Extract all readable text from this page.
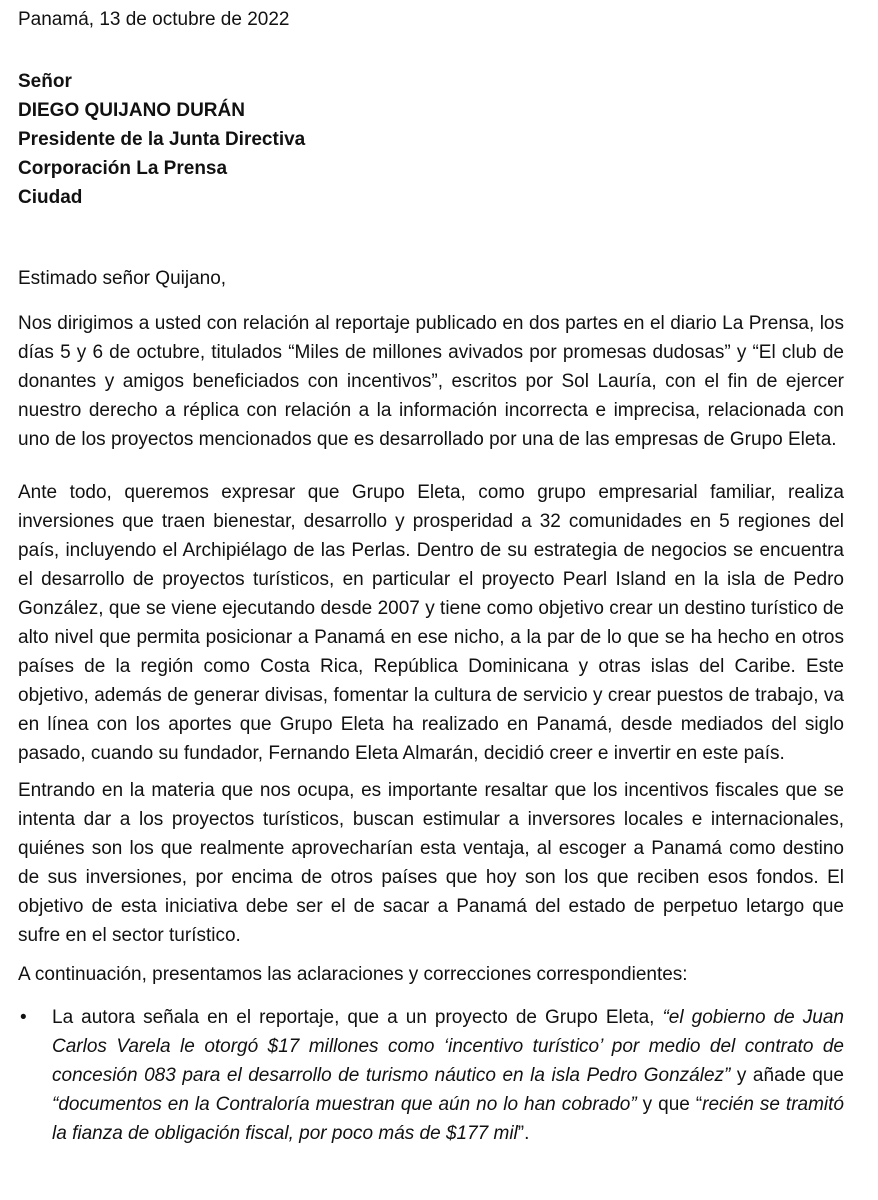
Panamá, 13 de octubre de 2022
Señor
DIEGO QUIJANO DURÁN
Presidente de la Junta Directiva
Corporación La Prensa
Ciudad
Estimado señor Quijano,

Nos dirigimos a usted con relación al reportaje publicado en dos partes en el diario La Prensa, los días 5 y 6 de octubre, titulados “Miles de millones avivados por promesas dudosas” y “El club de donantes y amigos beneficiados con incentivos”, escritos por Sol Lauría, con el fin de ejercer nuestro derecho a réplica con relación a la información incorrecta e imprecisa, relacionada con uno de los proyectos mencionados que es desarrollado por una de las empresas de Grupo Eleta.

Ante todo, queremos expresar que Grupo Eleta, como grupo empresarial familiar, realiza inversiones que traen bienestar, desarrollo y prosperidad a 32 comunidades en 5 regiones del país, incluyendo el Archipiélago de las Perlas. Dentro de su estrategia de negocios se encuentra el desarrollo de proyectos turísticos, en particular el proyecto Pearl Island en la isla de Pedro González, que se viene ejecutando desde 2007 y tiene como objetivo crear un destino turístico de alto nivel que permita posicionar a Panamá en ese nicho, a la par de lo que se ha hecho en otros países de la región como Costa Rica, República Dominicana y otras islas del Caribe. Este objetivo, además de generar divisas, fomentar la cultura de servicio y crear puestos de trabajo, va en línea con los aportes que Grupo Eleta ha realizado en Panamá, desde mediados del siglo pasado, cuando su fundador, Fernando Eleta Almarán, decidió creer e invertir en este país.

Entrando en la materia que nos ocupa, es importante resaltar que los incentivos fiscales que se intenta dar a los proyectos turísticos, buscan estimular a inversores locales e internacionales, quiénes son los que realmente aprovecharían esta ventaja, al escoger a Panamá como destino de sus inversiones, por encima de otros países que hoy son los que reciben esos fondos. El objetivo de esta iniciativa debe ser el de sacar a Panamá del estado de perpetuo letargo que sufre en el sector turístico.

A continuación, presentamos las aclaraciones y correcciones correspondientes:

•	La autora señala en el reportaje, que a un proyecto de Grupo Eleta, “el gobierno de Juan Carlos Varela le otorgó $17 millones como ‘incentivo turístico’ por medio del contrato de concesión 083 para el desarrollo de turismo náutico en la isla Pedro González” y añade que “documentos en la Contraloría muestran que aún no lo han cobrado” y que “recién se tramitó la fianza de obligación fiscal, por poco más de $177 mil”.
